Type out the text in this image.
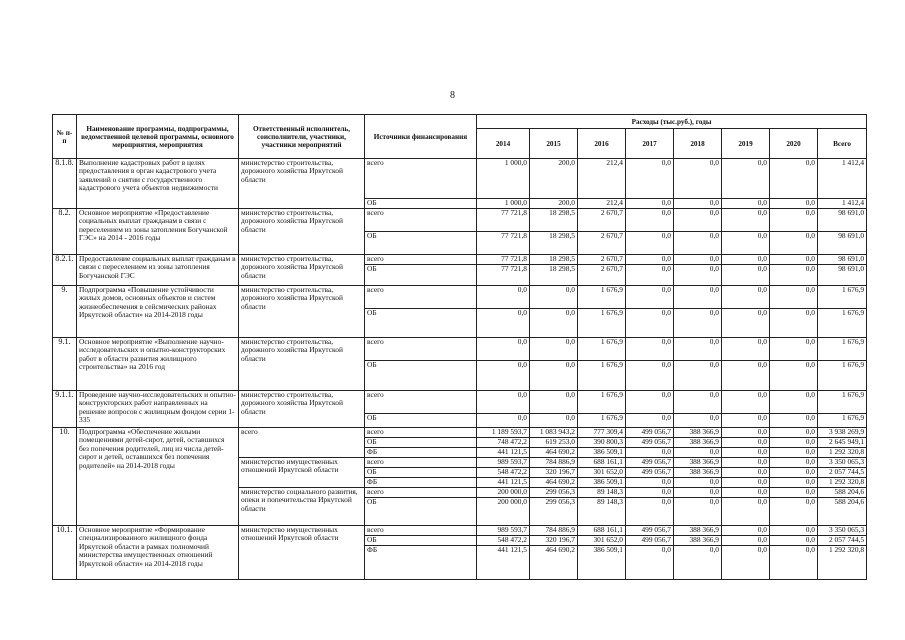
8
№ п-п	Наименование программы, подпрограммы, ведомственной целевой программы, основного мероприятия, мероприятия	Ответственный исполнитель, соисполнители, участники, участники мероприятий	Источники финансирования	Расходы (тыс.руб.), годы							
				2014	2015	2016	2017	2018	2019	2020	Всего
8.1.8.	Выполнение кадастровых работ в целях предоставления в орган кадастрового учета заявлений о снятии с государственного кадастрового учета объектов недвижимости	министерство строительства, дорожного хозяйства Иркутской области	всего	1 000,0	200,0	212,4	0,0	0,0	0,0	0,0	1 412,4
			ОБ	1 000,0	200,0	212,4	0,0	0,0	0,0	0,0	1 412,4
8.2.	Основное мероприятие «Предоставление социальных выплат гражданам в связи с переселением из зоны затопления Богучанской ГЭС» на 2014 - 2016 годы	министерство строительства, дорожного хозяйства Иркутской области	всего	77 721,8	18 298,5	2 670,7	0,0	0,0	0,0	0,0	98 691,0
			ОБ	77 721,8	18 298,5	2 670,7	0,0	0,0	0,0	0,0	98 691,0
8.2.1.	Предоставление социальных выплат гражданам в связи с переселением из зоны затопления Богучанской ГЭС	министерство строительства, дорожного хозяйства Иркутской области	всего	77 721,8	18 298,5	2 670,7	0,0	0,0	0,0	0,0	98 691,0
			ОБ	77 721,8	18 298,5	2 670,7	0,0	0,0	0,0	0,0	98 691,0
9.	Подпрограмма «Повышение устойчивости жилых домов, основных объектов и систем жизнеобеспечения в сейсмических районах Иркутской области» на 2014-2018 годы	министерство строительства, дорожного хозяйства Иркутской области	всего	0,0	0,0	1 676,9	0,0	0,0	0,0	0,0	1 676,9
			ОБ	0,0	0,0	1 676,9	0,0	0,0	0,0	0,0	1 676,9
9.1.	Основное мероприятие «Выполнение научно-исследовательских и опытно-конструкторских работ в области развития жилищного строительства» на 2016 год	министерство строительства, дорожного хозяйства Иркутской области	всего	0,0	0,0	1 676,9	0,0	0,0	0,0	0,0	1 676,9
			ОБ	0,0	0,0	1 676,9	0,0	0,0	0,0	0,0	1 676,9
9.1.1.	Проведение научно-исследовательских и опытно-конструкторских работ направленных на решение вопросов с жилищным фондом серии 1-335	министерство строительства, дорожного хозяйства Иркутской области	всего	0,0	0,0	1 676,9	0,0	0,0	0,0	0,0	1 676,9
			ОБ	0,0	0,0	1 676,9	0,0	0,0	0,0	0,0	1 676,9
10.	Подпрограмма «Обеспечение жилыми помещениями детей-сирот, детей, оставшихся без попечения родителей, лиц из числа детей-сирот и детей, оставшихся без попечения родителей» на 2014-2018 годы	всего	всего	1 189 593,7	1 083 943,2	777 309,4	499 056,7	388 366,9	0,0	0,0	3 938 269,9
			ОБ	748 472,2	619 253,0	390 800,3	499 056,7	388 366,9	0,0	0,0	2 645 949,1
			ФБ	441 121,5	464 690,2	386 509,1	0,0	0,0	0,0	0,0	1 292 320,8
		министерство имущественных отношений Иркутской области	всего	989 593,7	784 886,9	688 161,1	499 056,7	388 366,9	0,0	0,0	3 350 065,3
			ОБ	548 472,2	320 196,7	301 652,0	499 056,7	388 366,9	0,0	0,0	2 057 744,5
			ФБ	441 121,5	464 690,2	386 509,1	0,0	0,0	0,0	0,0	1 292 320,8
		министерство социального развития, опеки и попечительства Иркутской области	всего	200 000,0	299 056,3	89 148,3	0,0	0,0	0,0	0,0	588 204,6
			ОБ	200 000,0	299 056,3	89 148,3	0,0	0,0	0,0	0,0	588 204,6
10.1.	Основное мероприятие «Формирование специализированного жилищного фонда Иркутской области в рамках полномочий министерства имущественных отношений Иркутской области» на 2014-2018 годы	министерство имущественных отношений Иркутской области	всего	989 593,7	784 886,9	688 161,1	499 056,7	388 366,9	0,0	0,0	3 350 065,3
			ОБ	548 472,2	320 196,7	301 652,0	499 056,7	388 366,9	0,0	0,0	2 057 744,5
			ФБ	441 121,5	464 690,2	386 509,1	0,0	0,0	0,0	0,0	1 292 320,8
